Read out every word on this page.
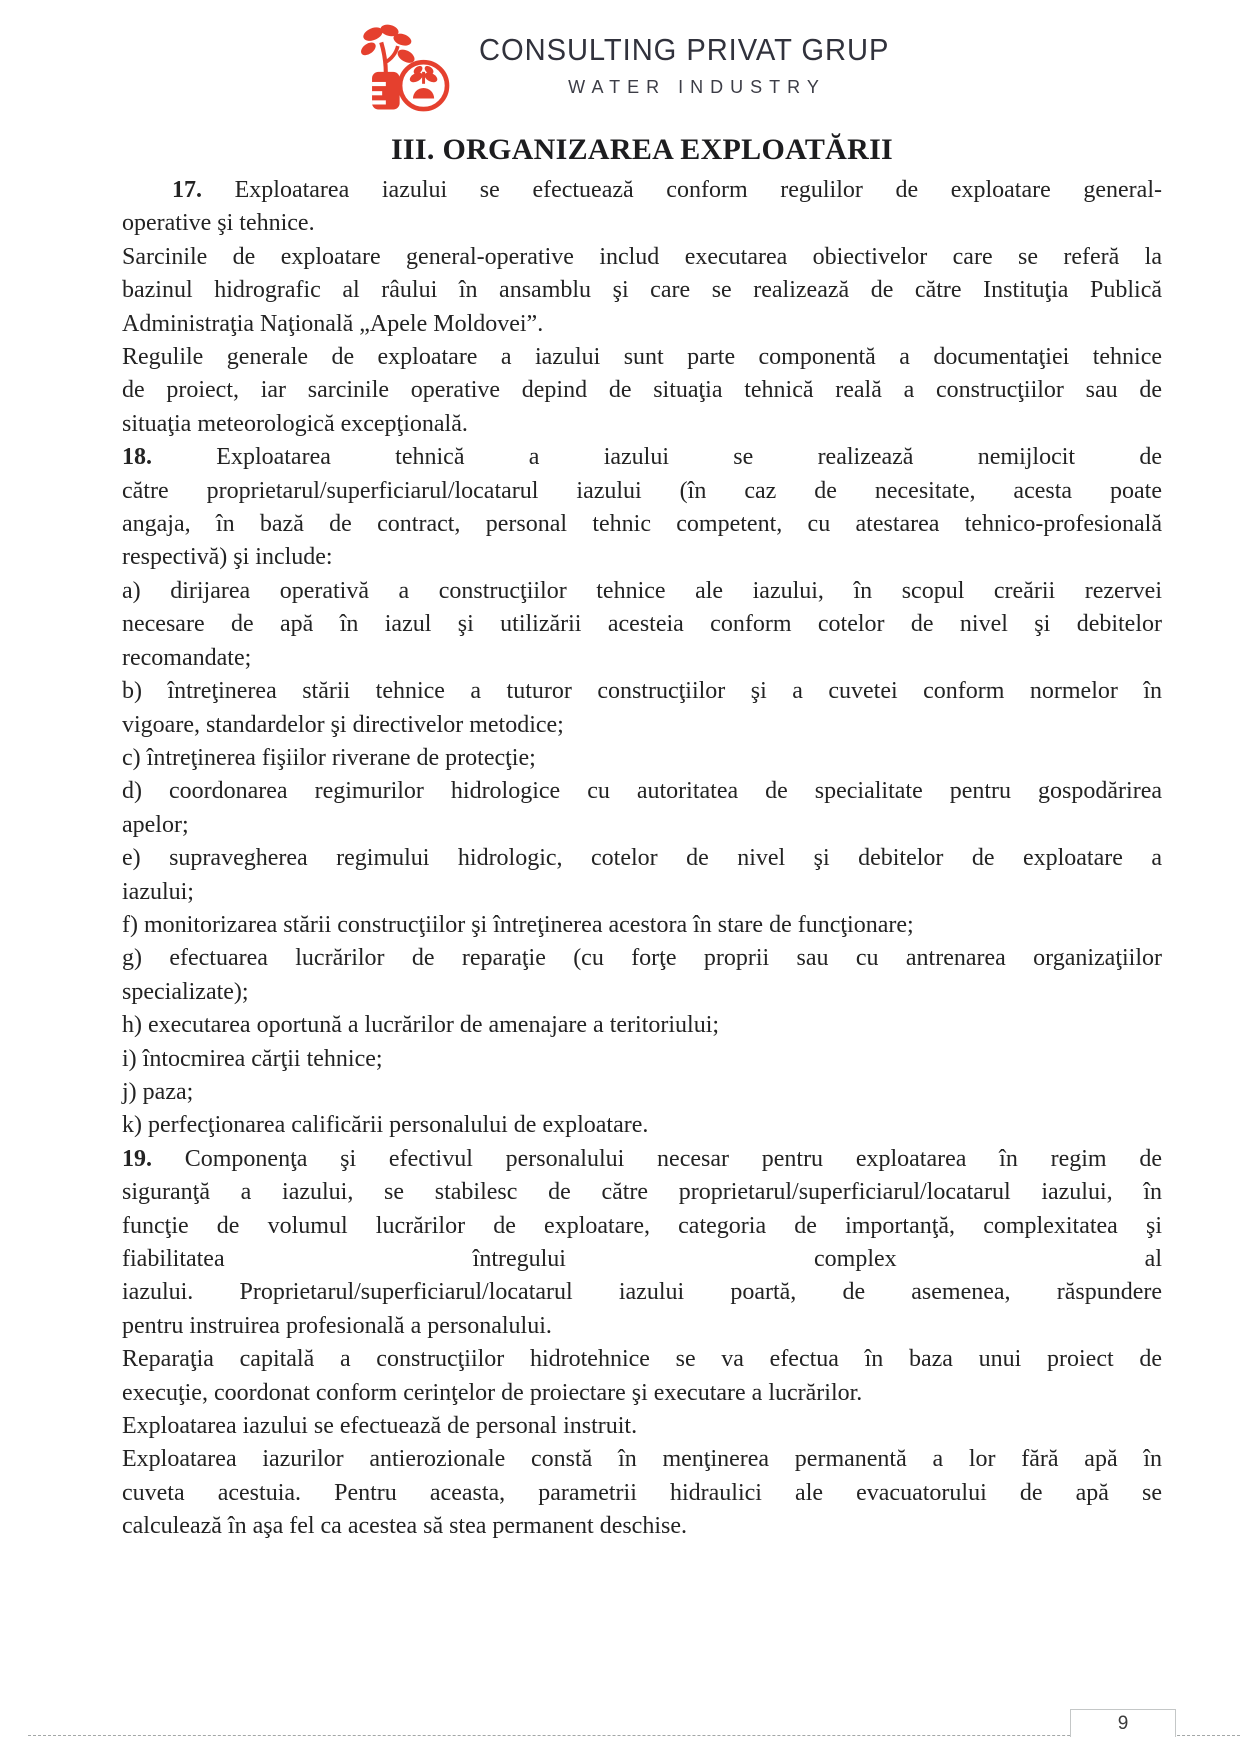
CONSULTING PRIVAT GRUP
WATER INDUSTRY
III. ORGANIZAREA EXPLOATĂRII
17. Exploatarea iazului se efectuează conform regulilor de exploatare general-
operative şi tehnice.
Sarcinile de exploatare general-operative includ executarea obiectivelor care se referă la
bazinul hidrografic al râului în ansamblu şi care se realizează de către Instituţia Publică
Administraţia Naţională „Apele Moldovei”.
Regulile generale de exploatare a iazului sunt parte componentă a documentaţiei tehnice
de proiect, iar sarcinile operative depind de situaţia tehnică reală a construcţiilor sau de
situaţia meteorologică excepţională.
18. Exploatarea tehnică a iazului se realizează nemijlocit de
către proprietarul/superficiarul/locatarul iazului (în caz de necesitate, acesta poate
angaja, în bază de contract, personal tehnic competent, cu atestarea tehnico-profesională
respectivă) şi include:
a) dirijarea operativă a construcţiilor tehnice ale iazului, în scopul creării rezervei
necesare de apă în iazul şi utilizării acesteia conform cotelor de nivel şi debitelor
recomandate;
b) întreţinerea stării tehnice a tuturor construcţiilor şi a cuvetei conform normelor în
vigoare, standardelor şi directivelor metodice;
c) întreţinerea fişiilor riverane de protecţie;
d) coordonarea regimurilor hidrologice cu autoritatea de specialitate pentru gospodărirea
apelor;
e) supravegherea regimului hidrologic, cotelor de nivel şi debitelor de exploatare a
iazului;
f) monitorizarea stării construcţiilor şi întreţinerea acestora în stare de funcţionare;
g) efectuarea lucrărilor de reparaţie (cu forţe proprii sau cu antrenarea organizaţiilor
specializate);
h) executarea oportună a lucrărilor de amenajare a teritoriului;
i) întocmirea cărţii tehnice;
j) paza;
k) perfecţionarea calificării personalului de exploatare.
19. Componenţa şi efectivul personalului necesar pentru exploatarea în regim de
siguranţă a iazului, se stabilesc de către proprietarul/superficiarul/locatarul iazului, în
funcţie de volumul lucrărilor de exploatare, categoria de importanţă, complexitatea şi
fiabilitatea întregului complex al
iazului. Proprietarul/superficiarul/locatarul iazului poartă, de asemenea, răspundere
pentru instruirea profesională a personalului.
Reparaţia capitală a construcţiilor hidrotehnice se va efectua în baza unui proiect de
execuţie, coordonat conform cerinţelor de proiectare şi executare a lucrărilor.
Exploatarea iazului se efectuează de personal instruit.
Exploatarea iazurilor antierozionale constă în menţinerea permanentă a lor fără apă în
cuveta acestuia. Pentru aceasta, parametrii hidraulici ale evacuatorului de apă se
calculează în aşa fel ca acestea să stea permanent deschise.
9
